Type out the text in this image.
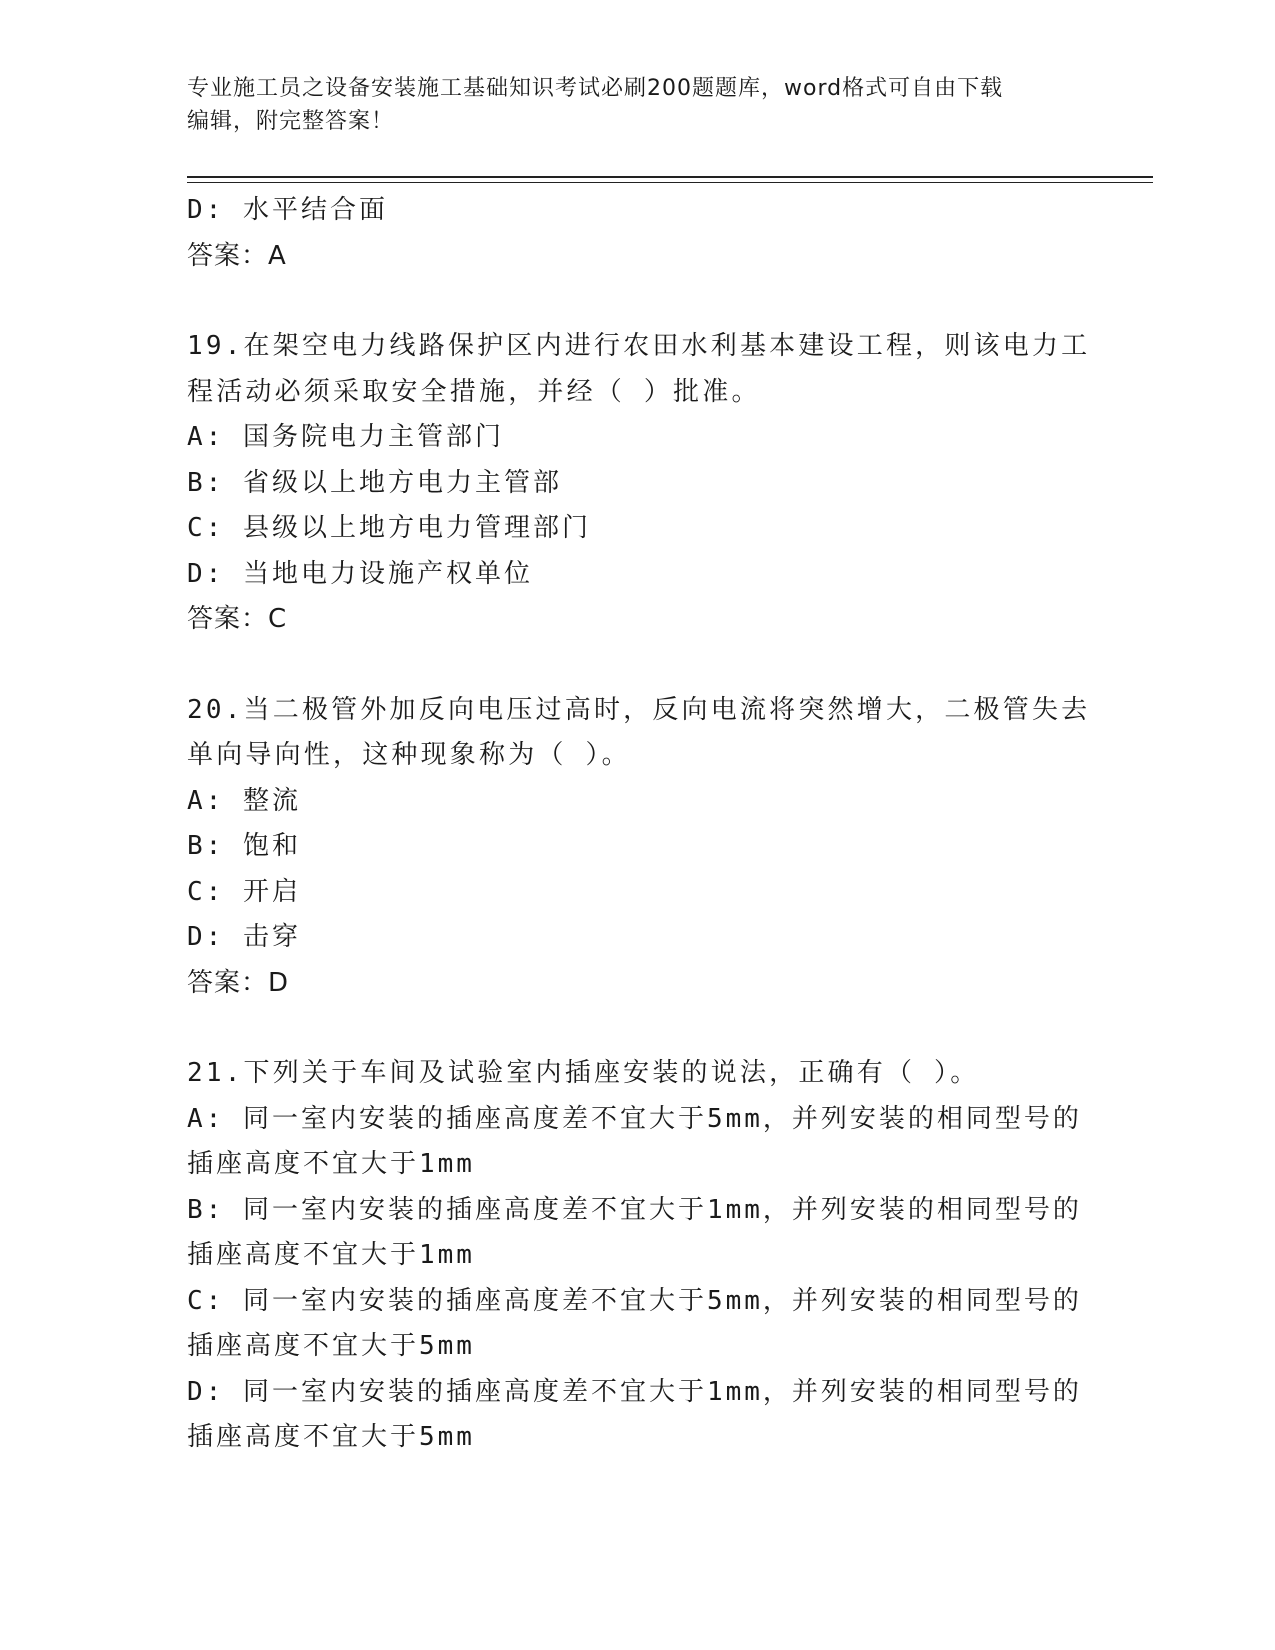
专业施工员之设备安装施工基础知识考试必刷200题题库，word格式可自由下载
编辑，附完整答案！
D: 水平结合面
答案：A
19.在架空电力线路保护区内进行农田水利基本建设工程，则该电力工
程活动必须采取安全措施，并经（ ）批准。
A: 国务院电力主管部门
B: 省级以上地方电力主管部
C: 县级以上地方电力管理部门
D: 当地电力设施产权单位
答案：C
20.当二极管外加反向电压过高时，反向电流将突然增大，二极管失去
单向导向性，这种现象称为（ ）。
A: 整流
B: 饱和
C: 开启
D: 击穿
答案：D
21.下列关于车间及试验室内插座安装的说法，正确有（ ）。
A: 同一室内安装的插座高度差不宜大于5mm，并列安装的相同型号的
插座高度不宜大于1mm
B: 同一室内安装的插座高度差不宜大于1mm，并列安装的相同型号的
插座高度不宜大于1mm
C: 同一室内安装的插座高度差不宜大于5mm，并列安装的相同型号的
插座高度不宜大于5mm
D: 同一室内安装的插座高度差不宜大于1mm，并列安装的相同型号的
插座高度不宜大于5mm
